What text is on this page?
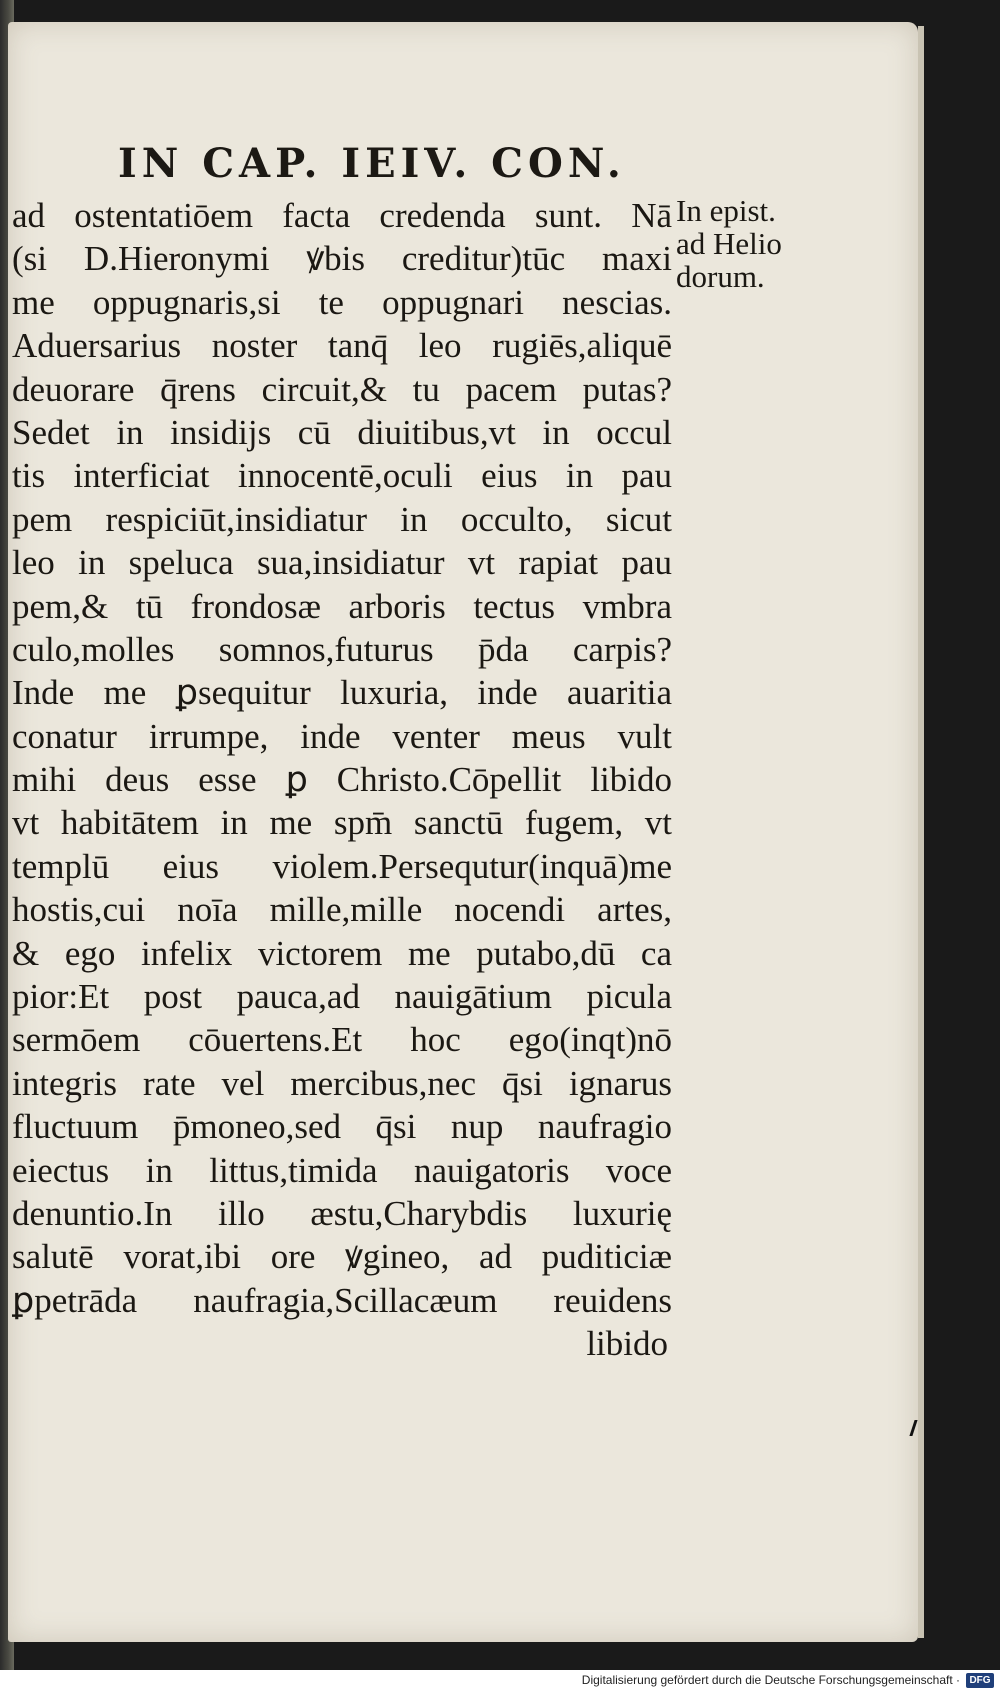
IN CAP. IEIV. CON.
ad ostentatiōem facta credenda sunt. Nā
(si D.Hieronymi ꝟbis creditur)tūc maxi
me oppugnaris,si te oppugnari nescias.
Aduersarius noster tanq̄ leo rugiēs,aliquē
deuorare q̄rens circuit,& tu pacem putas?
Sedet in insidijs cū diuitibus,vt in occul
tis interficiat innocentē,oculi eius in pau
pem respiciūt,insidiatur in occulto, sicut
leo in speluca sua,insidiatur vt rapiat pau
pem,& tū frondosæ arboris tectus vmbra
culo,molles somnos,futurus p̄da carpis?
Inde me ꝑsequitur luxuria, inde auaritia
conatur irrumpe, inde venter meus vult
mihi deus esse ꝑ Christo.Cōpellit libido
vt habitātem in me spm̄ sanctū fugem, vt
templū eius violem.Persequtur(inquā)me
hostis,cui noīa mille,mille nocendi artes,
& ego infelix victorem me putabo,dū ca
pior:Et post pauca,ad nauigātium picula
sermōem cōuertens.Et hoc ego(inqt)nō
integris rate vel mercibus,nec q̄si ignarus
fluctuum p̄moneo,sed q̄si nup naufragio
eiectus in littus,timida nauigatoris voce
denuntio.In illo æstu,Charybdis luxurię
salutē vorat,ibi ore ꝟgineo, ad puditiciæ
ꝑpetrāda naufragia,Scillacæum reuidens
libido
In epist.
ad Helio
dorum.
Digitalisierung gefördert durch die Deutsche Forschungsgemeinschaft · DFG
